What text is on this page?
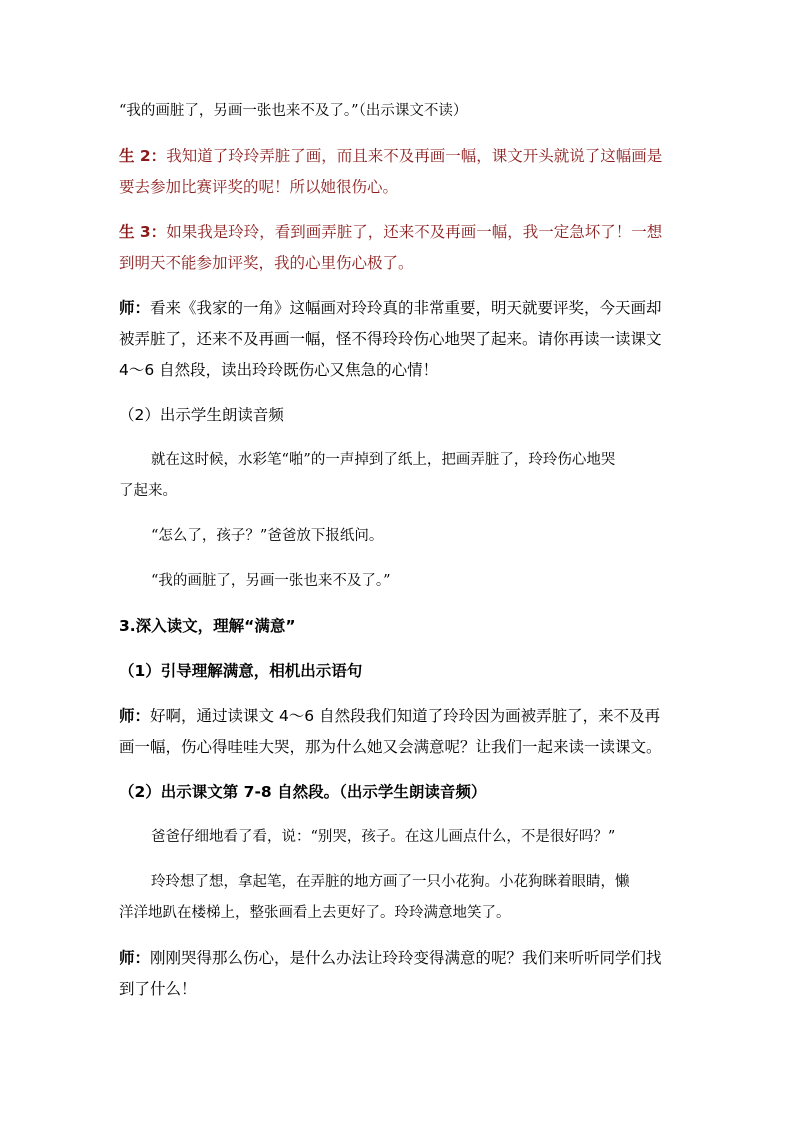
“我的画脏了，另画一张也来不及了。”（出示课文不读）
生 2：我知道了玲玲弄脏了画，而且来不及再画一幅，课文开头就说了这幅画是
要去参加比赛评奖的呢！所以她很伤心。
生 3：如果我是玲玲，看到画弄脏了，还来不及再画一幅，我一定急坏了！一想
到明天不能参加评奖，我的心里伤心极了。
师：看来《我家的一角》这幅画对玲玲真的非常重要，明天就要评奖，今天画却
被弄脏了，还来不及再画一幅，怪不得玲玲伤心地哭了起来。请你再读一读课文
4～6 自然段，读出玲玲既伤心又焦急的心情！
（2）出示学生朗读音频
就在这时候，水彩笔“啪”的一声掉到了纸上，把画弄脏了，玲玲伤心地哭
了起来。
“怎么了，孩子？”爸爸放下报纸问。
“我的画脏了，另画一张也来不及了。”
3.深入读文，理解“满意”
（1）引导理解满意，相机出示语句
师：好啊，通过读课文 4～6 自然段我们知道了玲玲因为画被弄脏了，来不及再
画一幅，伤心得哇哇大哭，那为什么她又会满意呢？让我们一起来读一读课文。
（2）出示课文第 7-8 自然段。（出示学生朗读音频）
爸爸仔细地看了看，说：“别哭，孩子。在这儿画点什么，不是很好吗？”
玲玲想了想，拿起笔，在弄脏的地方画了一只小花狗。小花狗眯着眼睛，懒
洋洋地趴在楼梯上，整张画看上去更好了。玲玲满意地笑了。
师：刚刚哭得那么伤心，是什么办法让玲玲变得满意的呢？我们来听听同学们找
到了什么！
